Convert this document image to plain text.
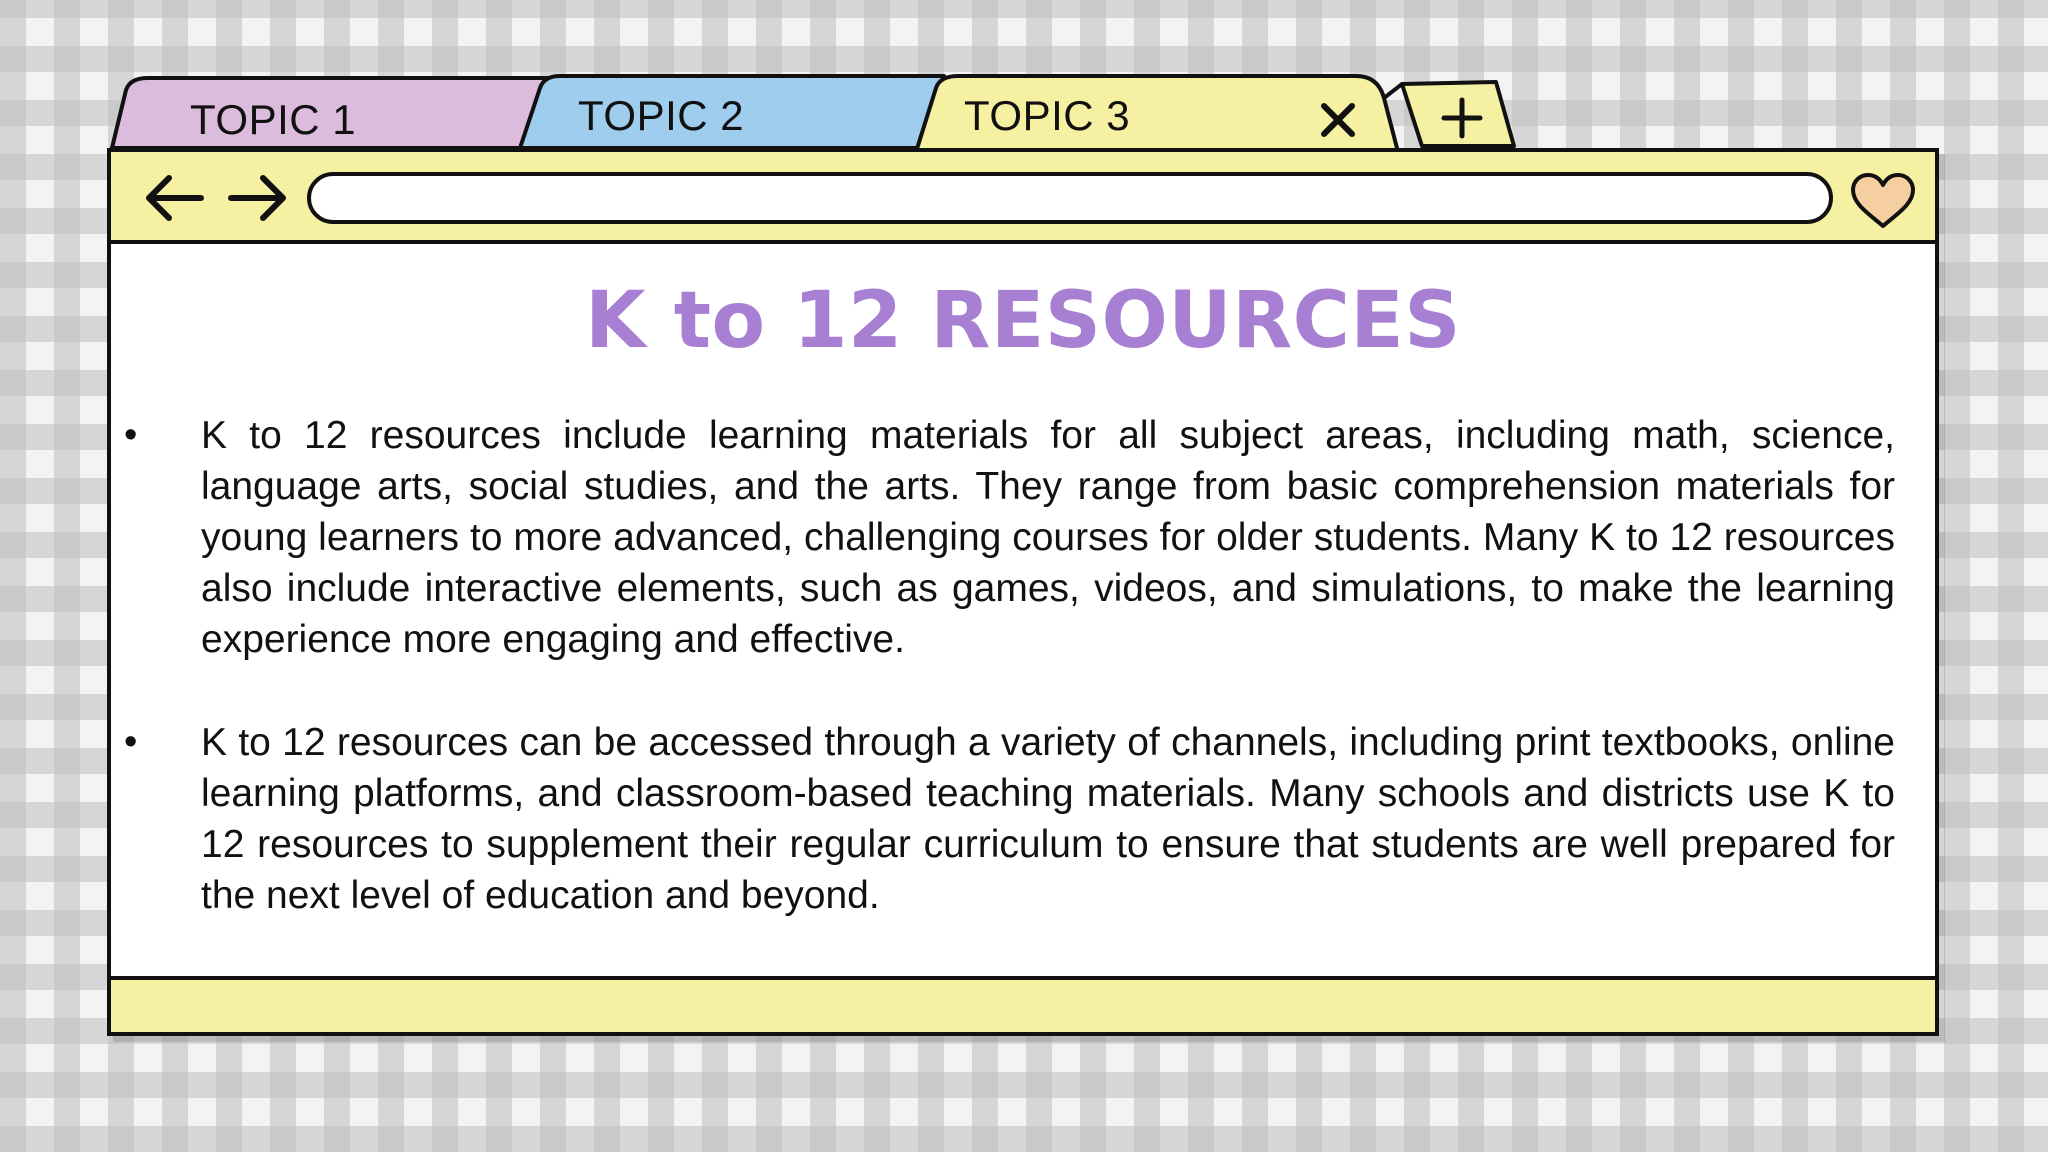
TOPIC 1	TOPIC 2	TOPIC 3
K to 12 RESOURCES
• K to 12 resources include learning materials for all subject areas, including math, science, language arts, social studies, and the arts. They range from basic comprehension materials for young learners to more advanced, challenging courses for older students. Many K to 12 resources also include interactive elements, such as games, videos, and simulations, to make the learning experience more engaging and effective.
• K to 12 resources can be accessed through a variety of channels, including print textbooks, online learning platforms, and classroom-based teaching materials. Many schools and districts use K to 12 resources to supplement their regular curriculum to ensure that students are well prepared for the next level of education and beyond.
